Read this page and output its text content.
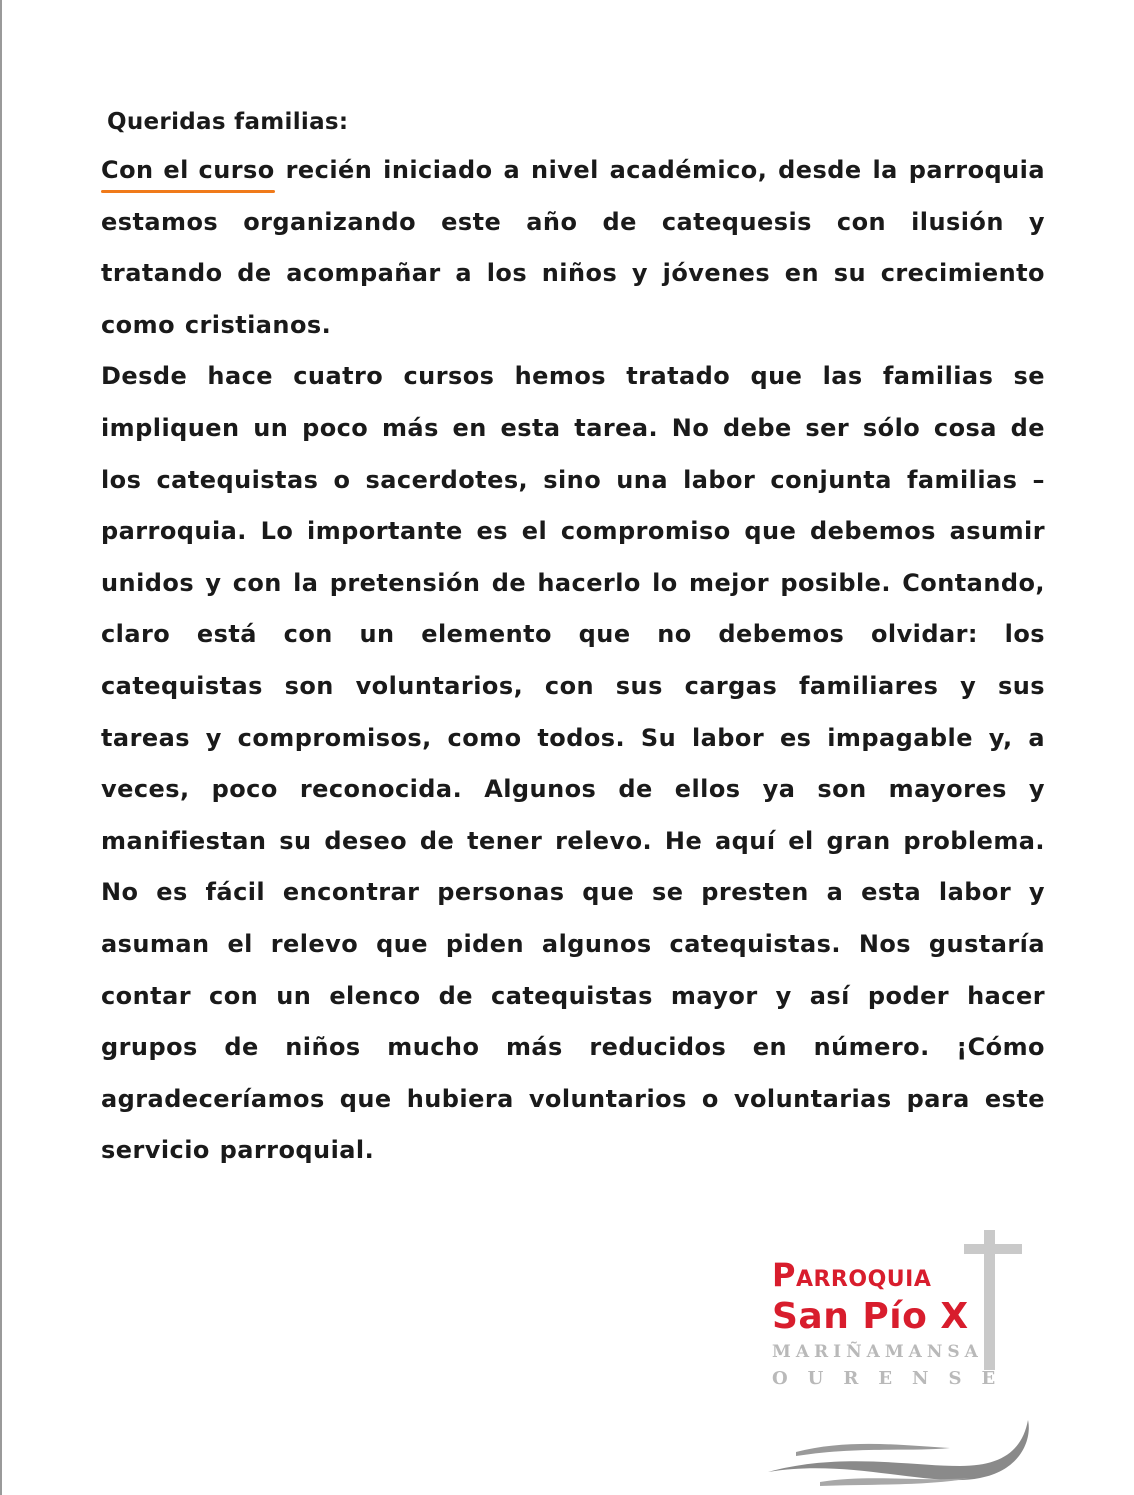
Queridas familias:

Con el curso recién iniciado a nivel académico, desde la parroquia estamos organizando este año de catequesis con ilusión y tratando de acompañar a los niños y jóvenes en su crecimiento como cristianos.

Desde hace cuatro cursos hemos tratado que las familias se impliquen un poco más en esta tarea. No debe ser sólo cosa de los catequistas o sacerdotes, sino una labor conjunta familias – parroquia. Lo importante es el compromiso que debemos asumir unidos y con la pretensión de hacerlo lo mejor posible. Contando, claro está con un elemento que no debemos olvidar: los catequistas son voluntarios, con sus cargas familiares y sus tareas y compromisos, como todos. Su labor es impagable y, a veces, poco reconocida. Algunos de ellos ya son mayores y manifiestan su deseo de tener relevo. He aquí el gran problema. No es fácil encontrar personas que se presten a esta labor y asuman el relevo que piden algunos catequistas. Nos gustaría contar con un elenco de catequistas mayor y así poder hacer grupos de niños mucho más reducidos en número. ¡Cómo agradeceríamos que hubiera voluntarios o voluntarias para este servicio parroquial.

Parroquia
San Pío X
MARIÑAMANSA
OURENSE
